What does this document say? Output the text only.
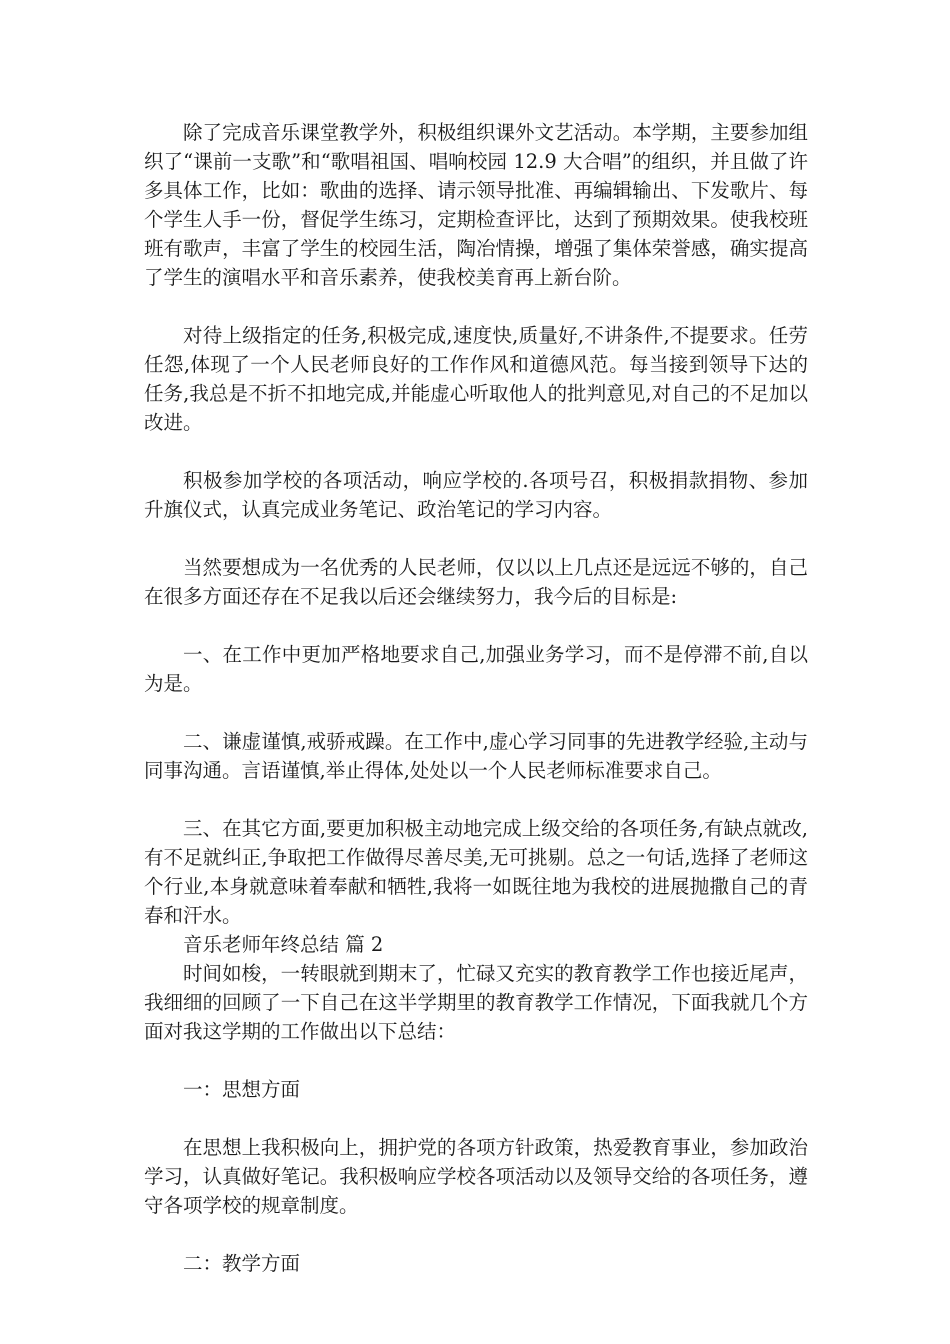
除了完成音乐课堂教学外，积极组织课外文艺活动。本学期，主要参加组织了“课前一支歌”和“歌唱祖国、唱响校园 12.9 大合唱”的组织，并且做了许多具体工作，比如：歌曲的选择、请示领导批准、再编辑输出、下发歌片、每个学生人手一份，督促学生练习，定期检查评比，达到了预期效果。使我校班班有歌声，丰富了学生的校园生活，陶冶情操，增强了集体荣誉感，确实提高了学生的演唱水平和音乐素养，使我校美育再上新台阶。

对待上级指定的任务,积极完成,速度快,质量好,不讲条件,不提要求。任劳任怨,体现了一个人民老师良好的工作作风和道德风范。每当接到领导下达的任务,我总是不折不扣地完成,并能虚心听取他人的批判意见,对自己的不足加以改进。

积极参加学校的各项活动，响应学校的.各项号召，积极捐款捐物、参加升旗仪式，认真完成业务笔记、政治笔记的学习内容。

当然要想成为一名优秀的人民老师，仅以以上几点还是远远不够的，自己在很多方面还存在不足我以后还会继续努力，我今后的目标是:

一、在工作中更加严格地要求自己,加强业务学习，而不是停滞不前,自以为是。

二、谦虚谨慎,戒骄戒躁。在工作中,虚心学习同事的先进教学经验,主动与同事沟通。言语谨慎,举止得体,处处以一个人民老师标准要求自己。

三、在其它方面,要更加积极主动地完成上级交给的各项任务,有缺点就改,有不足就纠正,争取把工作做得尽善尽美,无可挑剔。总之一句话,选择了老师这个行业,本身就意味着奉献和牺牲,我将一如既往地为我校的进展抛撒自己的青春和汗水。

音乐老师年终总结 篇 2

时间如梭，一转眼就到期末了，忙碌又充实的教育教学工作也接近尾声，我细细的回顾了一下自己在这半学期里的教育教学工作情况，下面我就几个方面对我这学期的工作做出以下总结：

一：思想方面

在思想上我积极向上，拥护党的各项方针政策，热爱教育事业，参加政治学习，认真做好笔记。我积极响应学校各项活动以及领导交给的各项任务，遵守各项学校的规章制度。

二：教学方面
